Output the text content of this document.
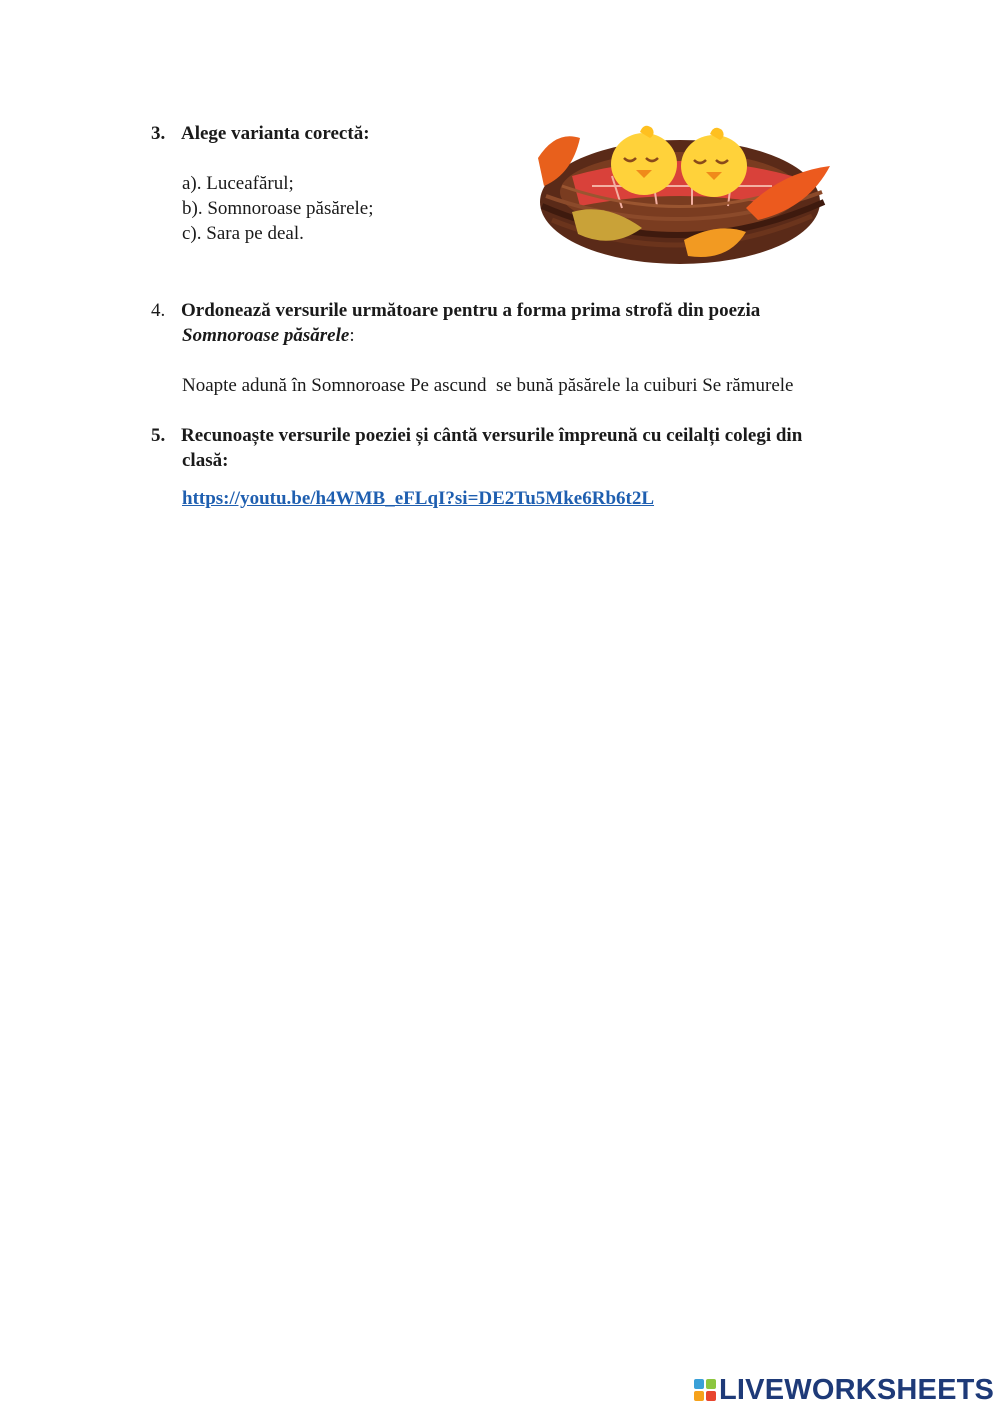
3. Alege varianta corectă:
a). Luceafărul;
b). Somnoroase păsărele;
c). Sara pe deal.
4. Ordonează versurile următoare pentru a forma prima strofă din poezia
Somnoroase păsărele:
Noapte adună în Somnoroase Pe ascund  se bună păsărele la cuiburi Se rămurele
5. Recunoaște versurile poeziei și cântă versurile împreună cu ceilalți colegi din
clasă:
https://youtu.be/h4WMB_eFLqI?si=DE2Tu5Mke6Rb6t2L
LIVEWORKSHEETS
